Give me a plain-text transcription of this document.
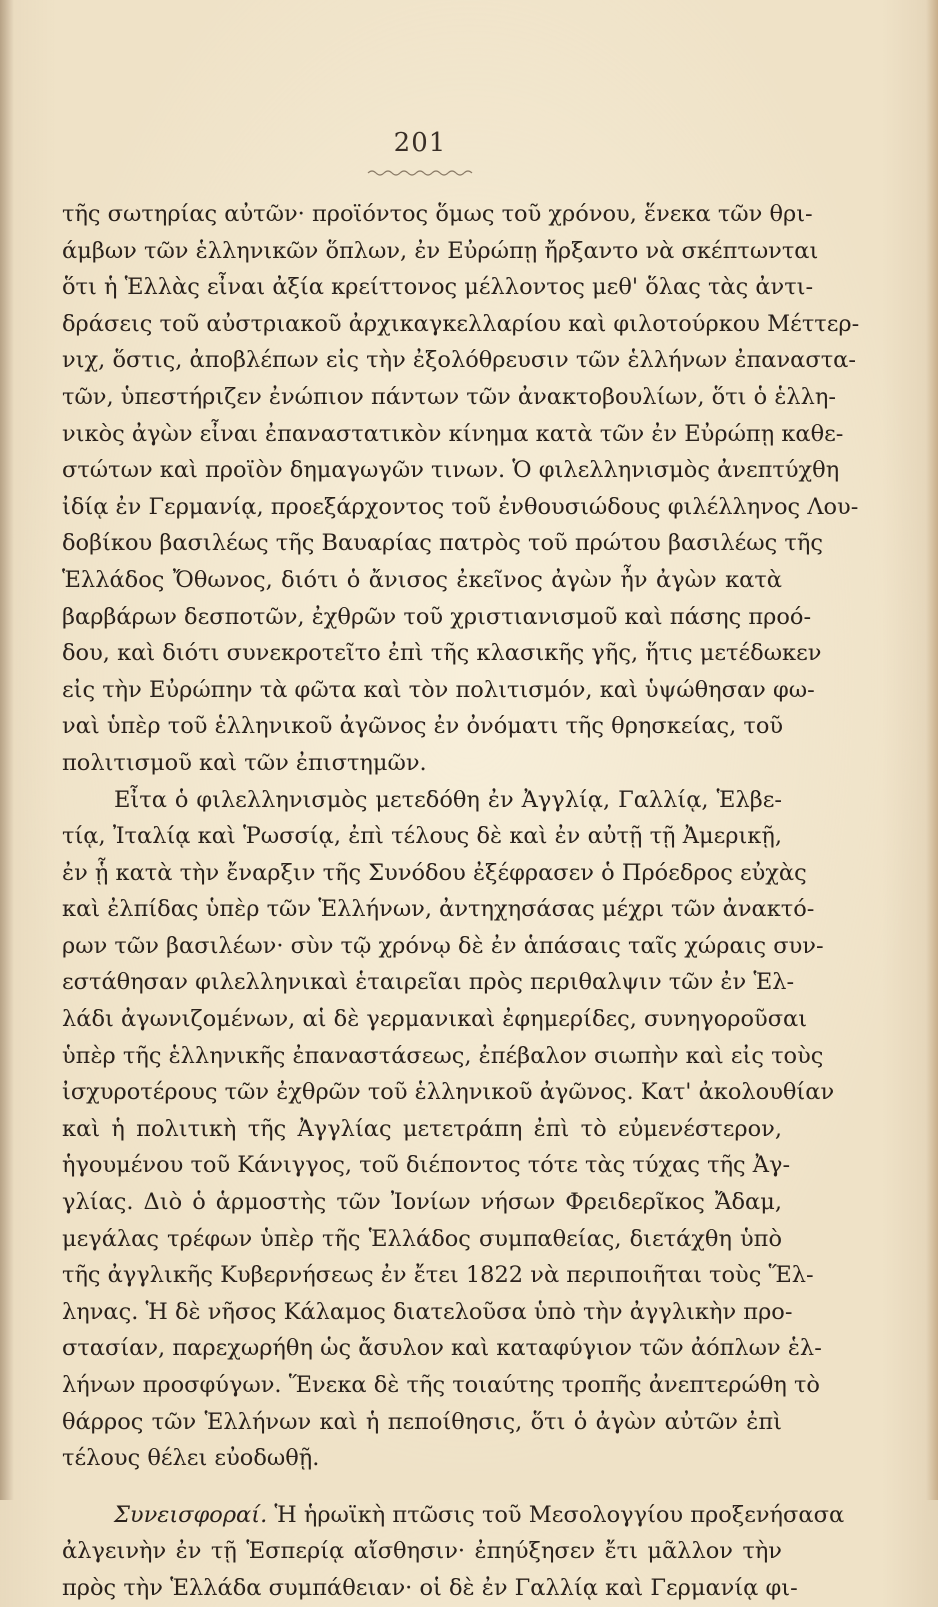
201
τῆς σωτηρίας αὐτῶν· προϊόντος ὅμως τοῦ χρόνου, ἕνεκα τῶν θρι-
άμβων τῶν ἑλληνικῶν ὅπλων, ἐν Εὐρώπῃ ἤρξαντο νὰ σκέπτωνται
ὅτι ἡ Ἑλλὰς εἶναι ἀξία κρείττονος μέλλοντος μεθ' ὅλας τὰς ἀντι-
δράσεις τοῦ αὐστριακοῦ ἀρχικαγκελλαρίου καὶ φιλοτούρκου Μέττερ-
νιχ, ὅστις, ἀποβλέπων εἰς τὴν ἐξολόθρευσιν τῶν ἑλλήνων ἐπαναστα-
τῶν, ὑπεστήριζεν ἐνώπιον πάντων τῶν ἀνακτοβουλίων, ὅτι ὁ ἑλλη-
νικὸς ἀγὼν εἶναι ἐπαναστατικὸν κίνημα κατὰ τῶν ἐν Εὐρώπῃ καθε-
στώτων καὶ προϊὸν δημαγωγῶν τινων. Ὁ φιλελληνισμὸς ἀνεπτύχθη
ἰδίᾳ ἐν Γερμανίᾳ, προεξάρχοντος τοῦ ἐνθουσιώδους φιλέλληνος Λου-
δοβίκου βασιλέως τῆς Βαυαρίας πατρὸς τοῦ πρώτου βασιλέως τῆς
Ἑλλάδος Ὄθωνος, διότι ὁ ἄνισος ἐκεῖνος ἀγὼν ἦν ἀγὼν κατὰ
βαρβάρων δεσποτῶν, ἐχθρῶν τοῦ χριστιανισμοῦ καὶ πάσης προό-
δου, καὶ διότι συνεκροτεῖτο ἐπὶ τῆς κλασικῆς γῆς, ἥτις μετέδωκεν
εἰς τὴν Εὐρώπην τὰ φῶτα καὶ τὸν πολιτισμόν, καὶ ὑψώθησαν φω-
ναὶ ὑπὲρ τοῦ ἑλληνικοῦ ἀγῶνος ἐν ὀνόματι τῆς θρησκείας, τοῦ
πολιτισμοῦ καὶ τῶν ἐπιστημῶν.
Εἶτα ὁ φιλελληνισμὸς μετεδόθη ἐν Ἀγγλίᾳ, Γαλλίᾳ, Ἑλβε-
τίᾳ, Ἰταλίᾳ καὶ Ῥωσσίᾳ, ἐπὶ τέλους δὲ καὶ ἐν αὐτῇ τῇ Ἀμερικῇ,
ἐν ᾗ κατὰ τὴν ἔναρξιν τῆς Συνόδου ἐξέφρασεν ὁ Πρόεδρος εὐχὰς
καὶ ἐλπίδας ὑπὲρ τῶν Ἑλλήνων, ἀντηχησάσας μέχρι τῶν ἀνακτό-
ρων τῶν βασιλέων· σὺν τῷ χρόνῳ δὲ ἐν ἁπάσαις ταῖς χώραις συν-
εστάθησαν φιλελληνικαὶ ἑταιρεῖαι πρὸς περιθαλψιν τῶν ἐν Ἑλ-
λάδι ἀγωνιζομένων, αἱ δὲ γερμανικαὶ ἐφημερίδες, συνηγοροῦσαι
ὑπὲρ τῆς ἑλληνικῆς ἐπαναστάσεως, ἐπέβαλον σιωπὴν καὶ εἰς τοὺς
ἰσχυροτέρους τῶν ἐχθρῶν τοῦ ἑλληνικοῦ ἀγῶνος. Κατ' ἀκολουθίαν
καὶ ἡ πολιτικὴ τῆς Ἀγγλίας μετετράπη ἐπὶ τὸ εὐμενέστερον,
ἡγουμένου τοῦ Κάνιγγος, τοῦ διέποντος τότε τὰς τύχας τῆς Ἀγ-
γλίας. Διὸ ὁ ἁρμοστὴς τῶν Ἰονίων νήσων Φρειδερῖκος Ἄδαμ,
μεγάλας τρέφων ὑπὲρ τῆς Ἑλλάδος συμπαθείας, διετάχθη ὑπὸ
τῆς ἀγγλικῆς Κυβερνήσεως ἐν ἔτει 1822 νὰ περιποιῆται τοὺς Ἕλ-
ληνας. Ἡ δὲ νῆσος Κάλαμος διατελοῦσα ὑπὸ τὴν ἀγγλικὴν προ-
στασίαν, παρεχωρήθη ὡς ἄσυλον καὶ καταφύγιον τῶν ἀόπλων ἑλ-
λήνων προσφύγων. Ἕνεκα δὲ τῆς τοιαύτης τροπῆς ἀνεπτερώθη τὸ
θάρρος τῶν Ἑλλήνων καὶ ἡ πεποίθησις, ὅτι ὁ ἀγὼν αὐτῶν ἐπὶ
τέλους θέλει εὐοδωθῇ.
Συνεισφοραί. Ἡ ἡρωϊκὴ πτῶσις τοῦ Μεσολογγίου προξενήσασα
ἀλγεινὴν ἐν τῇ Ἑσπερίᾳ αἴσθησιν· ἐπηύξησεν ἔτι μᾶλλον τὴν
πρὸς τὴν Ἑλλάδα συμπάθειαν· οἱ δὲ ἐν Γαλλίᾳ καὶ Γερμανίᾳ φι-
